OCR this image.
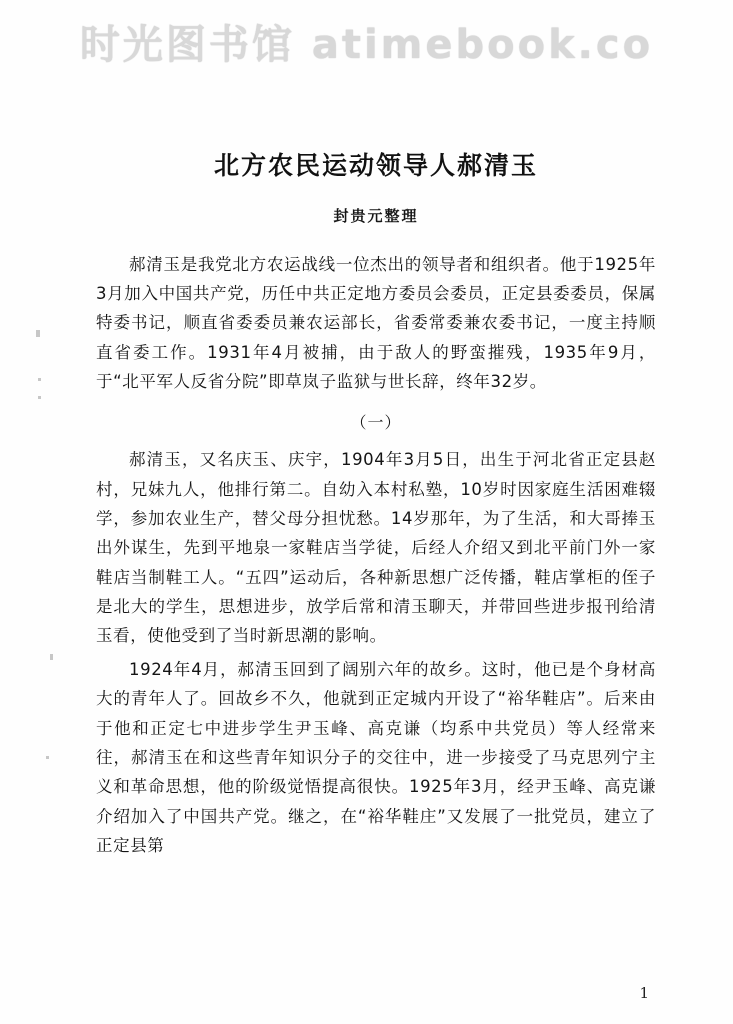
时光图书馆 atimebook.co
北方农民运动领导人郝清玉
封贵元整理

郝清玉是我党北方农运战线一位杰出的领导者和组织者。他于1925年3月加入中国共产党，历任中共正定地方委员会委员，正定县委委员，保属特委书记，顺直省委委员兼农运部长，省委常委兼农委书记，一度主持顺直省委工作。1931年4月被捕，由于敌人的野蛮摧残，1935年9月，于“北平军人反省分院”即草岚子监狱与世长辞，终年32岁。

（一）

郝清玉，又名庆玉、庆宇，1904年3月5日，出生于河北省正定县赵村，兄妹九人，他排行第二。自幼入本村私塾，10岁时因家庭生活困难辍学，参加农业生产，替父母分担忧愁。14岁那年，为了生活，和大哥捧玉出外谋生，先到平地泉一家鞋店当学徒，后经人介绍又到北平前门外一家鞋店当制鞋工人。“五四”运动后，各种新思想广泛传播，鞋店掌柜的侄子是北大的学生，思想进步，放学后常和清玉聊天，并带回些进步报刊给清玉看，使他受到了当时新思潮的影响。

1924年4月，郝清玉回到了阔别六年的故乡。这时，他已是个身材高大的青年人了。回故乡不久，他就到正定城内开设了“裕华鞋店”。后来由于他和正定七中进步学生尹玉峰、高克谦（均系中共党员）等人经常来往，郝清玉在和这些青年知识分子的交往中，进一步接受了马克思列宁主义和革命思想，他的阶级觉悟提高很快。1925年3月，经尹玉峰、高克谦介绍加入了中国共产党。继之，在“裕华鞋庄”又发展了一批党员，建立了正定县第

1
